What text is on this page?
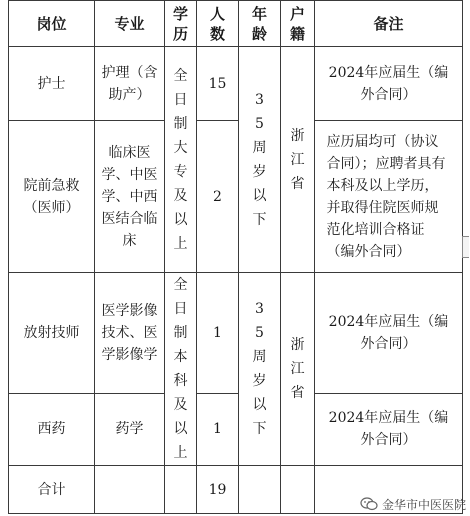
岗位	专业	学历	人数	年龄	户籍	备注
护士	护理（含助产）	全日制大专及以上	15	35周岁以下	浙江省	2024年应届生（编外合同）
院前急救（医师）	临床医学、中医学、中西医结合临床		2			应历届均可（协议合同）；应聘者具有本科及以上学历，并取得住院医师规范化培训合格证（编外合同）
放射技师	医学影像技术、医学影像学	全日制本科及以上	1	35周岁以下	浙江省	2024年应届生（编外合同）
西药	药学		1			2024年应届生（编外合同）
合计			19			
金华市中医医院
